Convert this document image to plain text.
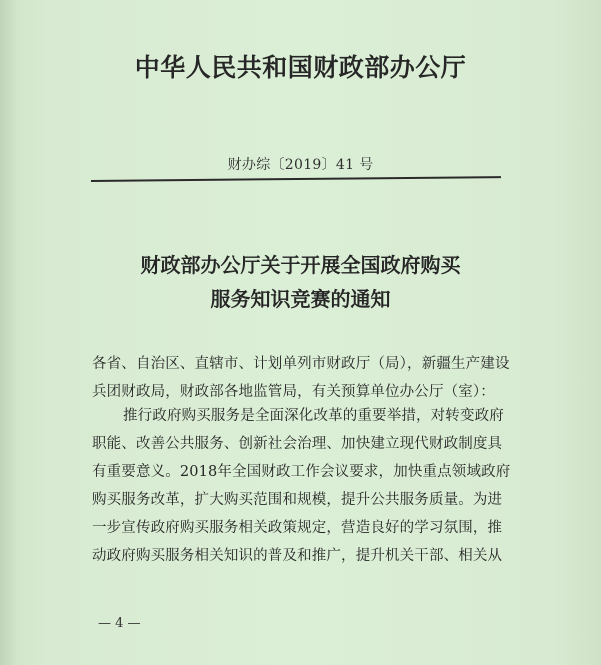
中华人民共和国财政部办公厅
财办综〔2019〕41 号
财政部办公厅关于开展全国政府购买
服务知识竞赛的通知
各省、自治区、直辖市、计划单列市财政厅（局），新疆生产建设
兵团财政局，财政部各地监管局，有关预算单位办公厅（室）：
推行政府购买服务是全面深化改革的重要举措，对转变政府
职能、改善公共服务、创新社会治理、加快建立现代财政制度具
有重要意义。2018年全国财政工作会议要求，加快重点领域政府
购买服务改革，扩大购买范围和规模，提升公共服务质量。为进
一步宣传政府购买服务相关政策规定，营造良好的学习氛围，推
动政府购买服务相关知识的普及和推广，提升机关干部、相关从
— 4 —
